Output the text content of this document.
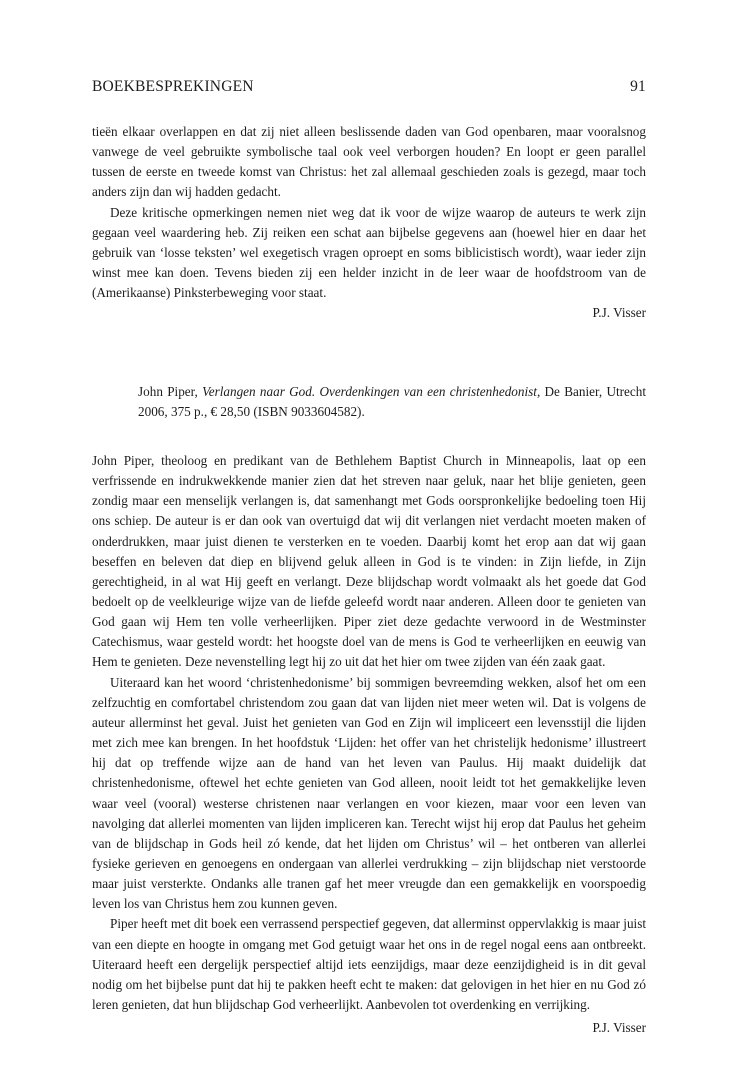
BOEKBESPREKINGEN	91

tieën elkaar overlappen en dat zij niet alleen beslissende daden van God openbaren, maar vooralsnog vanwege de veel gebruikte symbolische taal ook veel verborgen houden? En loopt er geen parallel tussen de eerste en tweede komst van Christus: het zal allemaal geschieden zoals is gezegd, maar toch anders zijn dan wij hadden gedacht.

Deze kritische opmerkingen nemen niet weg dat ik voor de wijze waarop de auteurs te werk zijn gegaan veel waardering heb. Zij reiken een schat aan bijbelse gegevens aan (hoewel hier en daar het gebruik van ‘losse teksten’ wel exegetisch vragen oproept en soms biblicistisch wordt), waar ieder zijn winst mee kan doen. Tevens bieden zij een helder inzicht in de leer waar de hoofdstroom van de (Amerikaanse) Pinksterbeweging voor staat.

P.J. Visser

John Piper, Verlangen naar God. Overdenkingen van een christenhedonist, De Banier, Utrecht 2006, 375 p., € 28,50 (ISBN 9033604582).

John Piper, theoloog en predikant van de Bethlehem Baptist Church in Minneapolis, laat op een verfrissende en indrukwekkende manier zien dat het streven naar geluk, naar het blije genieten, geen zondig maar een menselijk verlangen is, dat samenhangt met Gods oorspronkelijke bedoeling toen Hij ons schiep. De auteur is er dan ook van overtuigd dat wij dit verlangen niet verdacht moeten maken of onderdrukken, maar juist dienen te versterken en te voeden. Daarbij komt het erop aan dat wij gaan beseffen en beleven dat diep en blijvend geluk alleen in God is te vinden: in Zijn liefde, in Zijn gerechtigheid, in al wat Hij geeft en verlangt. Deze blijdschap wordt volmaakt als het goede dat God bedoelt op de veelkleurige wijze van de liefde geleefd wordt naar anderen. Alleen door te genieten van God gaan wij Hem ten volle verheerlijken. Piper ziet deze gedachte verwoord in de Westminster Catechismus, waar gesteld wordt: het hoogste doel van de mens is God te verheerlijken en eeuwig van Hem te genieten. Deze nevenstelling legt hij zo uit dat het hier om twee zijden van één zaak gaat.

Uiteraard kan het woord ‘christenhedonisme’ bij sommigen bevreemding wekken, alsof het om een zelfzuchtig en comfortabel christendom zou gaan dat van lijden niet meer weten wil. Dat is volgens de auteur allerminst het geval. Juist het genieten van God en Zijn wil impliceert een levensstijl die lijden met zich mee kan brengen. In het hoofdstuk ‘Lijden: het offer van het christelijk hedonisme’ illustreert hij dat op treffende wijze aan de hand van het leven van Paulus. Hij maakt duidelijk dat christenhedonisme, oftewel het echte genieten van God alleen, nooit leidt tot het gemakkelijke leven waar veel (vooral) westerse christenen naar verlangen en voor kiezen, maar voor een leven van navolging dat allerlei momenten van lijden impliceren kan. Terecht wijst hij erop dat Paulus het geheim van de blijdschap in Gods heil zó kende, dat het lijden om Christus’ wil – het ontberen van allerlei fysieke gerieven en genoegens en ondergaan van allerlei verdrukking – zijn blijdschap niet verstoorde maar juist versterkte. Ondanks alle tranen gaf het meer vreugde dan een gemakkelijk en voorspoedig leven los van Christus hem zou kunnen geven.

Piper heeft met dit boek een verrassend perspectief gegeven, dat allerminst oppervlakkig is maar juist van een diepte en hoogte in omgang met God getuigt waar het ons in de regel nogal eens aan ontbreekt. Uiteraard heeft een dergelijk perspectief altijd iets eenzijdigs, maar deze eenzijdigheid is in dit geval nodig om het bijbelse punt dat hij te pakken heeft echt te maken: dat gelovigen in het hier en nu God zó leren genieten, dat hun blijdschap God verheerlijkt. Aanbevolen tot overdenking en verrijking.

P.J. Visser
